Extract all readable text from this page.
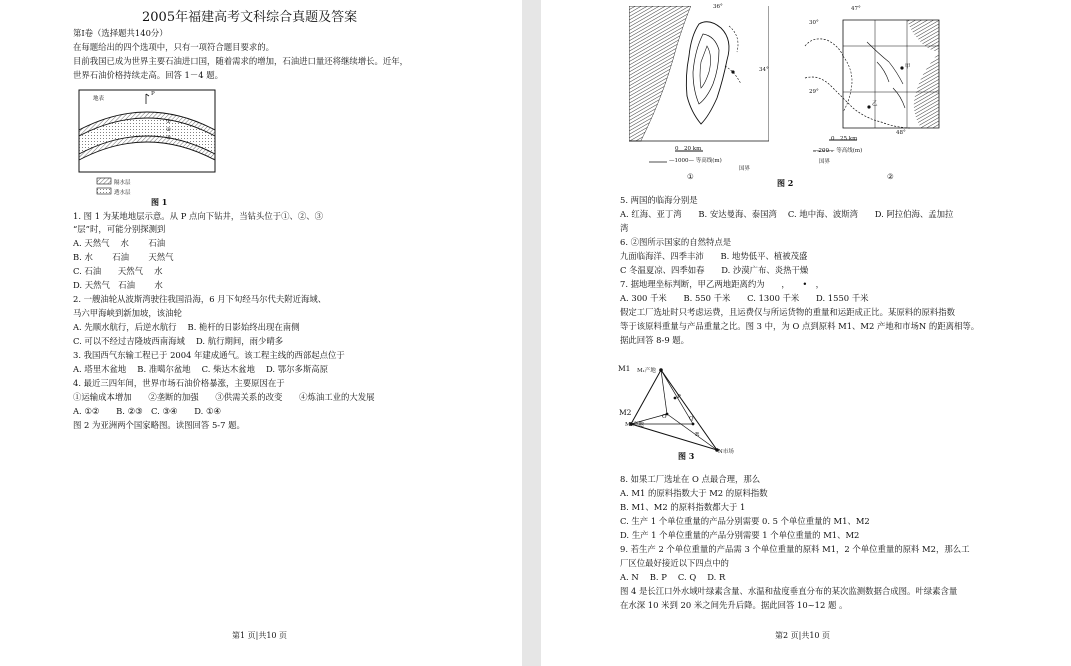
2005年福建高考文科综合真题及答案
第Ⅰ卷（选择题共140分）
在每题给出的四个选项中，只有一项符合题目要求的。
目前我国已成为世界主要石油进口国，随着需求的增加，石油进口量还将继续增长。近年，
世界石油价格持续走高。回答 1－4 题。
地表
P
①
②
③
隔水层
透水层
图 1
1. 图 1 为某地地层示意。从 P 点向下钻井，当钻头位于①、②、③
“层”时，可能分别探测到
A. 天然气　 水　　 石油
B. 水　　 石油　　 天然气
C. 石油　　天然气　 水
D. 天然气　石油　　 水
2. 一艘油轮从波斯湾驶往我国沿海，6 月下旬经马尔代夫附近海域、
马六甲海峡到新加坡，该油轮
A. 先顺水航行，后逆水航行　 B. 桅杆的日影始终出现在南侧
C. 可以不经过吉隆坡西南海域　 D. 航行期间，雨少晴多
3. 我国西气东输工程已于 2004 年建成通气。该工程主线的西部起点位于
A. 塔里木盆地　 B. 准噶尔盆地　 C. 柴达木盆地　 D. 鄂尔多斯高原
4. 最近三四年间，世界市场石油价格暴涨，主要原因在于
①运输成本增加　　②垄断的加强　　③供需关系的改变　　④炼油工业的大发展
A. ①②　　B. ②③　C. ③④　　D. ①④
图 2 为亚洲两个国家略图。读图回答 5-7 题。
第1 页|共10 页
36°
34°
0　20 km
—1000— 等高线(m)
国界
①
47°
30°
29°
48°
甲
乙
0　25 km
—200— 等高线(m)
国界
②
图 2
5. 两国的临海分别是
A. 红海、亚丁湾　　B. 安达曼海、泰国湾　 C. 地中海、波斯湾　　D. 阿拉伯海、孟加拉
湾
6. ②图所示国家的自然特点是
九面临海洋、四季丰沛　　B. 地势低平、植被茂盛
C 冬温夏凉、四季如春　　D. 沙漠广布、炎热干燥
7. 据地理坐标判断，甲乙两地距离约为　　，　　•　，
A. 300 千米　　B. 550 千米　　C. 1300 千米　　D. 1550 千米
假定工厂选址时只考虑运费，且运费仅与所运货物的重量和运距成正比。某原料的原料指数
等于该原料重量与产品重量之比。图 3 中，为 O 点到原料 M1、M2 产地和市场N 的距离相等。
据此回答 8-9 题。
M1 M₁产地
M2
M₂产地
N市场
P
O	Q
R
图 3
8. 如果工厂选址在 O 点最合理，那么
A. M1 的原料指数大于 M2 的原料指数
B. M1、M2 的原料指数都大于 1
C. 生产 1 个单位重量的产品分别需要 0. 5 个单位重量的 M1、M2
D. 生产 1 个单位重量的产品分别需要 1 个单位重量的 M1、M2
9. 若生产 2 个单位重量的产品需 3 个单位重量的原料 M1，2 个单位重量的原料 M2，那么工
厂区位最好接近以下四点中的
A. N　 B. P　 C. Q　 D. R
图 4 是长江口外水域叶绿素含量、水温和盐度垂直分布的某次监测数据合成图。叶绿素含量
在水深 10 米到 20 米之间先升后降。据此回答 10~12 题 。
第2 页|共10 页
